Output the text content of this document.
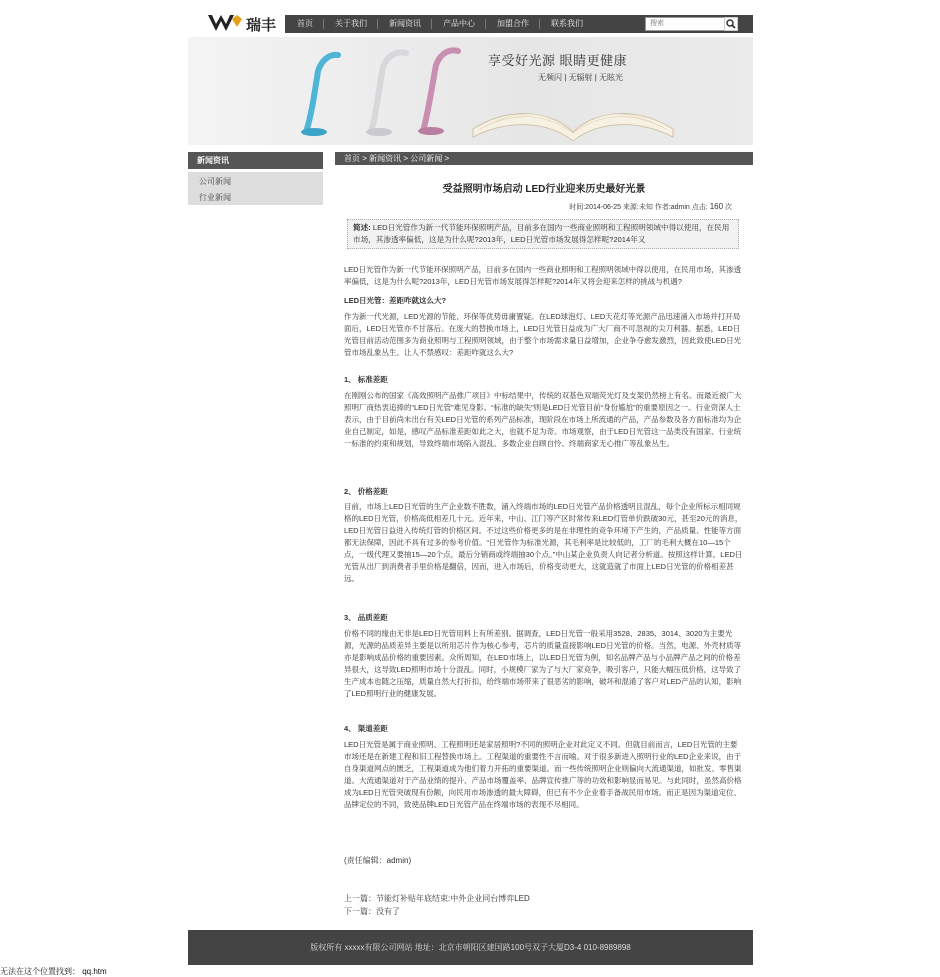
瑞丰	首页	关于我们	新闻资讯	产品中心	加盟合作	联系我们
搜索
享受好光源 眼睛更健康
无频闪 | 无辐射 | 无眩光
新闻资讯
公司新闻
行业新闻
首页 > 新闻资讯 > 公司新闻 >
受益照明市场启动 LED行业迎来历史最好光景
时间:2014-06-25 来源:未知 作者:admin 点击: 160 次
简述: LED日光管作为新一代节能环保照明产品，目前多在国内一些商业照明和工程照明领域中得以使用，在民用市场，其渗透率偏低，这是为什么呢?2013年，LED日光管市场发展得怎样呢?2014年又
LED日光管作为新一代节能环保照明产品，目前多在国内一些商业照明和工程照明领域中得以使用，在民用市场，其渗透率偏低，这是为什么呢?2013年，LED日光管市场发展得怎样呢?2014年又将会迎来怎样的挑战与机遇?
LED日光管：差距咋就这么大?
作为新一代光源，LED光源的节能、环保等优势毋庸置疑。在LED球泡灯、LED天花灯等光源产品迅速涌入市场并打开局面后，LED日光管亦不甘落后。在庞大的替换市场上，LED日光管日益成为广大厂商不可忽视的尖刀利器。据悉，LED日光管目前活动范围多为商业照明与工程照明领域，由于整个市场需求量日益增加，企业争夺愈发激烈，因此致使LED日光管市场乱象丛生。让人不禁感叹：差距咋就这么大?
1、 标准差距
在刚刚公布的国家《高效照明产品推广项目》中标结果中，传统的双基色双端荧光灯及支架仍然榜上有名。而最近被广大照明厂商热衷追捧的“LED日光管”难见身影。“标准的缺失”则是LED日光管目前“身份尴尬”的重要原因之一。行业资深人士表示，由于目前尚未出台有关LED日光管的系列产品标准，现阶段在市场上所流通的产品，产品参数及各方面标准均为企业自己制定，如是，感叹产品标准差距如此之大，也就不足为奇。市场观察，由于LED日光管这一品类没有国家、行业统一标准的约束和规划，导致终端市场陷入混乱、多数企业自顾自怜、终端商家无心推广等乱象丛生。
2、 价格差距
目前，市场上LED日光管的生产企业数不胜数，涌入终端市场的LED日光管产品价格透明且混乱，每个企业所标示相同规格的LED日光管，价格高低相差几十元。近年来，中山、江门等产区时常传来LED灯管单价跌破30元，甚至20元的消息，LED日光管日益进入传统灯管的价格区间。不过这些价格更多的是在非理性的竞争环境下产生的，产品质量、性能等方面都无法保障，因此不具有过多的参考价值。“日光管作为标准光源，其毛利率是比较低的，工厂的毛利大概在10—15个点，一级代理又要抽15—20个点，最后分销商或终端抽30个点。”中山某企业负责人向记者分析道。按照这样计算，LED日光管从出厂到消费者手里价格是翻倍，因而，进入市场后，价格变动更大，这就造就了市面上LED日光管的价格相差甚远。
3、 品质差距
价格不同的缘由无非是LED日光管用料上有所差别。据调查，LED日光管一般采用3528、2835、3014、3020为主要光源，光源的品质差异主要是以所用芯片作为核心参考，芯片的质量直接影响LED日光管的价格。当然，电源、外壳材质等亦是影响成品价格的重要因素。众所周知，在LED市场上，以LED日光管为例，知名品牌产品与小品牌产品之间的价格差异很大，这导致LED照明市场十分混乱。同时，小规模厂家为了与大厂家竞争，吸引客户，只能大幅压低价格，这导致了生产成本也随之压缩，质量自然大打折扣，给终端市场带来了很恶劣的影响，破坏和混淆了客户对LED产品的认知，影响了LED照明行业的健康发展。
4、 渠道差距
LED日光管是属于商业照明、工程照明还是家居照明?不同的照明企业对此定义不同。但就目前而言，LED日光管的主要市场还是在新建工程和旧工程替换市场上。工程渠道的重要性不言而喻。对于很多新进入照明行业的LED企业来说，由于自身渠道网点的匮乏，工程渠道成为他们着力开拓的重要渠道。而一些传统照明企业则偏向大流通渠道，如批发、零售渠道。大流通渠道对于产品业绩的提升、产品市场覆盖率、品牌宣传推广等的功效和影响显而易见。与此同时，虽然高价格成为LED日光管突破现有份额，向民用市场渗透的最大障碍，但已有不少企业着手备战民用市场。而正是因为渠道定位、品牌定位的不同，致使品牌LED日光管产品在终端市场的表现不尽相同。
(责任编辑：admin)
上一篇：节能灯补贴年底结束:中外企业同台博弈LED
下一篇：没有了
版权所有 xxxxx有限公司网站 地址：北京市朝阳区建国路100号双子大厦D3-4 010-8989898
无法在这个位置找到： qq.htm
